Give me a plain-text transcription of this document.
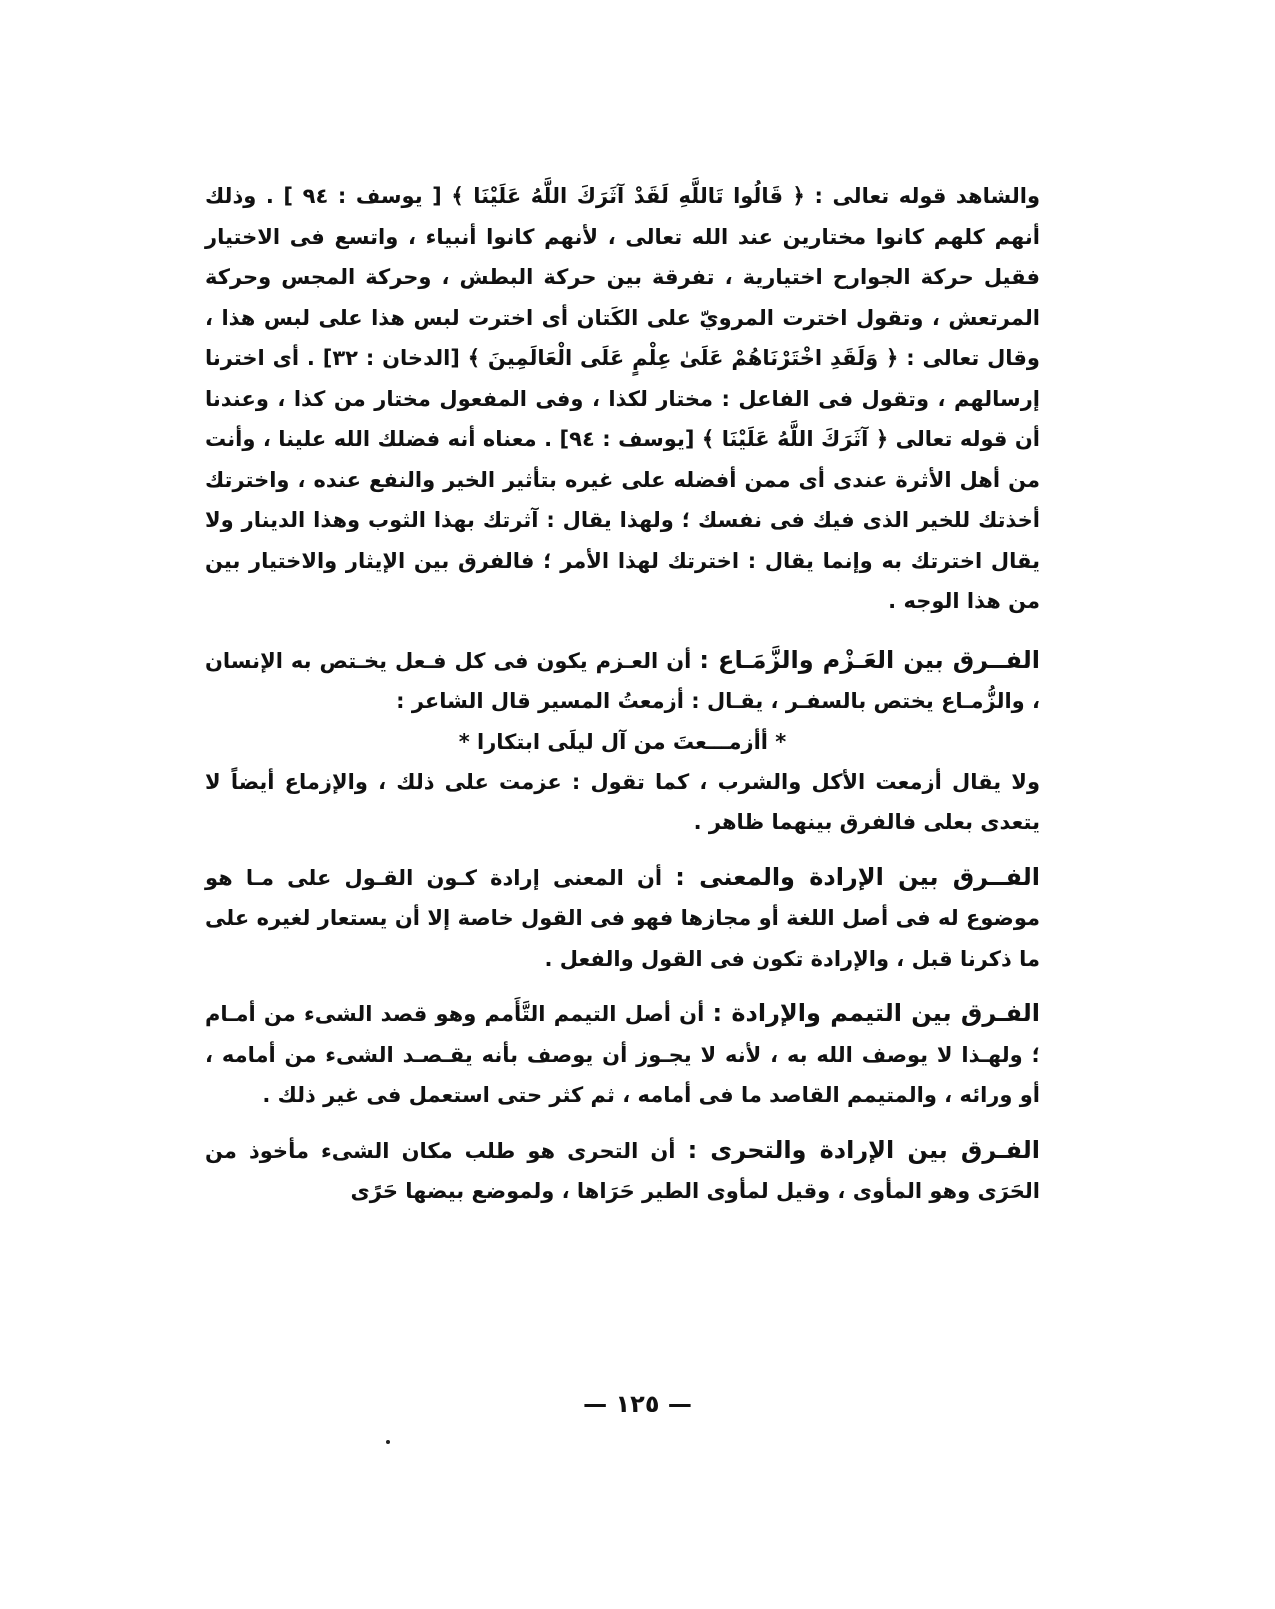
والشاهد قوله تعالى : ﴿ قَالُوا تَاللَّهِ لَقَدْ آثَرَكَ اللَّهُ عَلَيْنَا ﴾ [ يوسف : ٩٤ ] . وذلك أنهم كلهم كانوا مختارين عند الله تعالى ، لأنهم كانوا أنبياء ، واتسع فى الاختيار فقيل حركة الجوارح اختيارية ، تفرقة بين حركة البطش ، وحركة المجس وحركة المرتعش ، وتقول اخترت المرويّ على الكَتان أى اخترت لبس هذا على لبس هذا ، وقال تعالى : ﴿ وَلَقَدِ اخْتَرْنَاهُمْ عَلَىٰ عِلْمٍ عَلَى الْعَالَمِينَ ﴾ [الدخان : ٣٢] . أى اخترنا إرسالهم ، وتقول فى الفاعل : مختار لكذا ، وفى المفعول مختار من كذا ، وعندنا أن قوله تعالى ﴿ آثَرَكَ اللَّهُ عَلَيْنَا ﴾ [يوسف : ٩٤] . معناه أنه فضلك الله علينا ، وأنت من أهل الأثرة عندى أى ممن أفضله على غيره بتأثير الخير والنفع عنده ، واخترتك أخذتك للخير الذى فيك فى نفسك ؛ ولهذا يقال : آثرتك بهذا الثوب وهذا الدينار ولا يقال اخترتك به وإنما يقال : اخترتك لهذا الأمر ؛ فالفرق بين الإيثار والاختيار بين من هذا الوجه .

الفــرق بين العَـزْم والزَّمَـاع : أن العـزم يكون فى كل فـعل يخـتص به الإنسان ، والزُّمـاع يختص بالسفـر ، يقـال : أزمعتُ المسير قال الشاعر :

* أأزمـــعتَ من آل ليلَى ابتكارا *

ولا يقال أزمعت الأكل والشرب ، كما تقول : عزمت على ذلك ، والإزماع أيضاً لا يتعدى بعلى فالفرق بينهما ظاهر .

الفــرق بين الإرادة والمعنى : أن المعنى إرادة كـون القـول على مـا هو موضوع له فى أصل اللغة أو مجازها فهو فى القول خاصة إلا أن يستعار لغيره على ما ذكرنا قبل ، والإرادة تكون فى القول والفعل .

الفـرق بين التيمم والإرادة : أن أصل التيمم التَّأَمم وهو قصد الشىء من أمـام ؛ ولهـذا لا يوصف الله به ، لأنه لا يجـوز أن يوصف بأنه يقـصـد الشىء من أمامه ، أو ورائه ، والمتيمم القاصد ما فى أمامه ، ثم كثر حتى استعمل فى غير ذلك .

الفـرق بين الإرادة والتحرى : أن التحرى هو طلب مكان الشىء مأخوذ من الحَرَى وهو المأوى ، وقيل لمأوى الطير حَرَاها ، ولموضع بيضها حَرًى

— ١٢٥ —
